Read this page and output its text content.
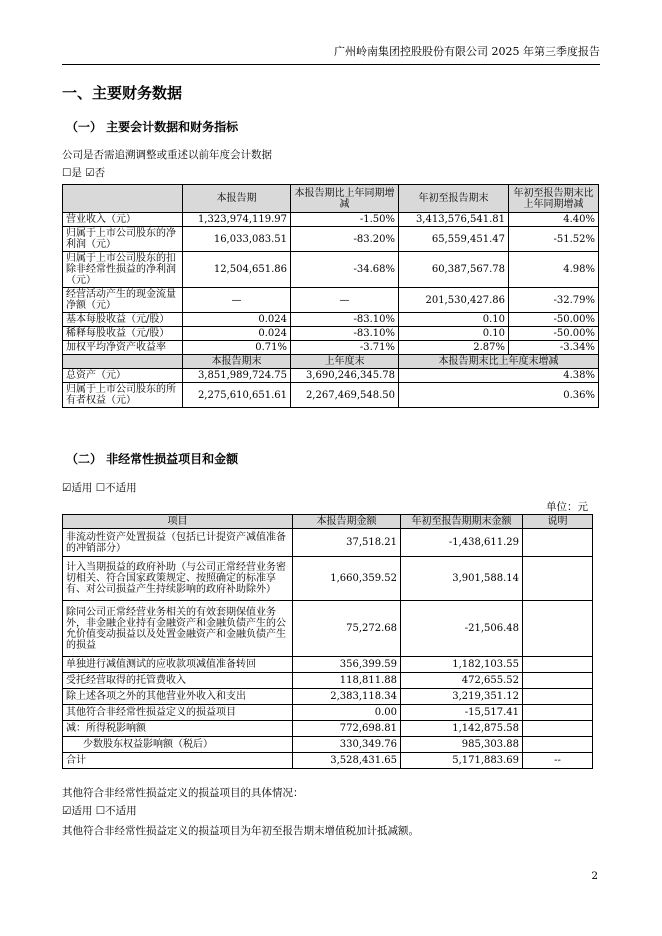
广州岭南集团控股股份有限公司 2025 年第三季度报告
一、主要财务数据
（一） 主要会计数据和财务指标
公司是否需追溯调整或重述以前年度会计数据
☐是 ☑否
	本报告期	本报告期比上年同期增减	年初至报告期末	年初至报告期末比上年同期增减
营业收入（元）	1,323,974,119.97	-1.50%	3,413,576,541.81	4.40%
归属于上市公司股东的净利润（元）	16,033,083.51	-83.20%	65,559,451.47	-51.52%
归属于上市公司股东的扣除非经常性损益的净利润（元）	12,504,651.86	-34.68%	60,387,567.78	4.98%
经营活动产生的现金流量净额（元）	—	—	201,530,427.86	-32.79%
基本每股收益（元/股）	0.024	-83.10%	0.10	-50.00%
稀释每股收益（元/股）	0.024	-83.10%	0.10	-50.00%
加权平均净资产收益率	0.71%	-3.71%	2.87%	-3.34%
	本报告期末	上年度末	本报告期末比上年度末增减	
总资产（元）	3,851,989,724.75	3,690,246,345.78	4.38%	
归属于上市公司股东的所有者权益（元）	2,275,610,651.61	2,267,469,548.50	0.36%	
（二） 非经常性损益项目和金额
☑适用 ☐不适用
单位：元
项目	本报告期金额	年初至报告期期末金额	说明
非流动性资产处置损益（包括已计提资产减值准备的冲销部分）	37,518.21	-1,438,611.29	
计入当期损益的政府补助（与公司正常经营业务密切相关、符合国家政策规定、按照确定的标准享有、对公司损益产生持续影响的政府补助除外）	1,660,359.52	3,901,588.14	
除同公司正常经营业务相关的有效套期保值业务外，非金融企业持有金融资产和金融负债产生的公允价值变动损益以及处置金融资产和金融负债产生的损益	75,272.68	-21,506.48	
单独进行减值测试的应收款项减值准备转回	356,399.59	1,182,103.55	
受托经营取得的托管费收入	118,811.88	472,655.52	
除上述各项之外的其他营业外收入和支出	2,383,118.34	3,219,351.12	
其他符合非经常性损益定义的损益项目	0.00	-15,517.41	
减：所得税影响额	772,698.81	1,142,875.58	
少数股东权益影响额（税后）	330,349.76	985,303.88	
合计	3,528,431.65	5,171,883.69	--
其他符合非经常性损益定义的损益项目的具体情况：
☑适用 ☐不适用
其他符合非经常性损益定义的损益项目为年初至报告期末增值税加计抵减额。
2
